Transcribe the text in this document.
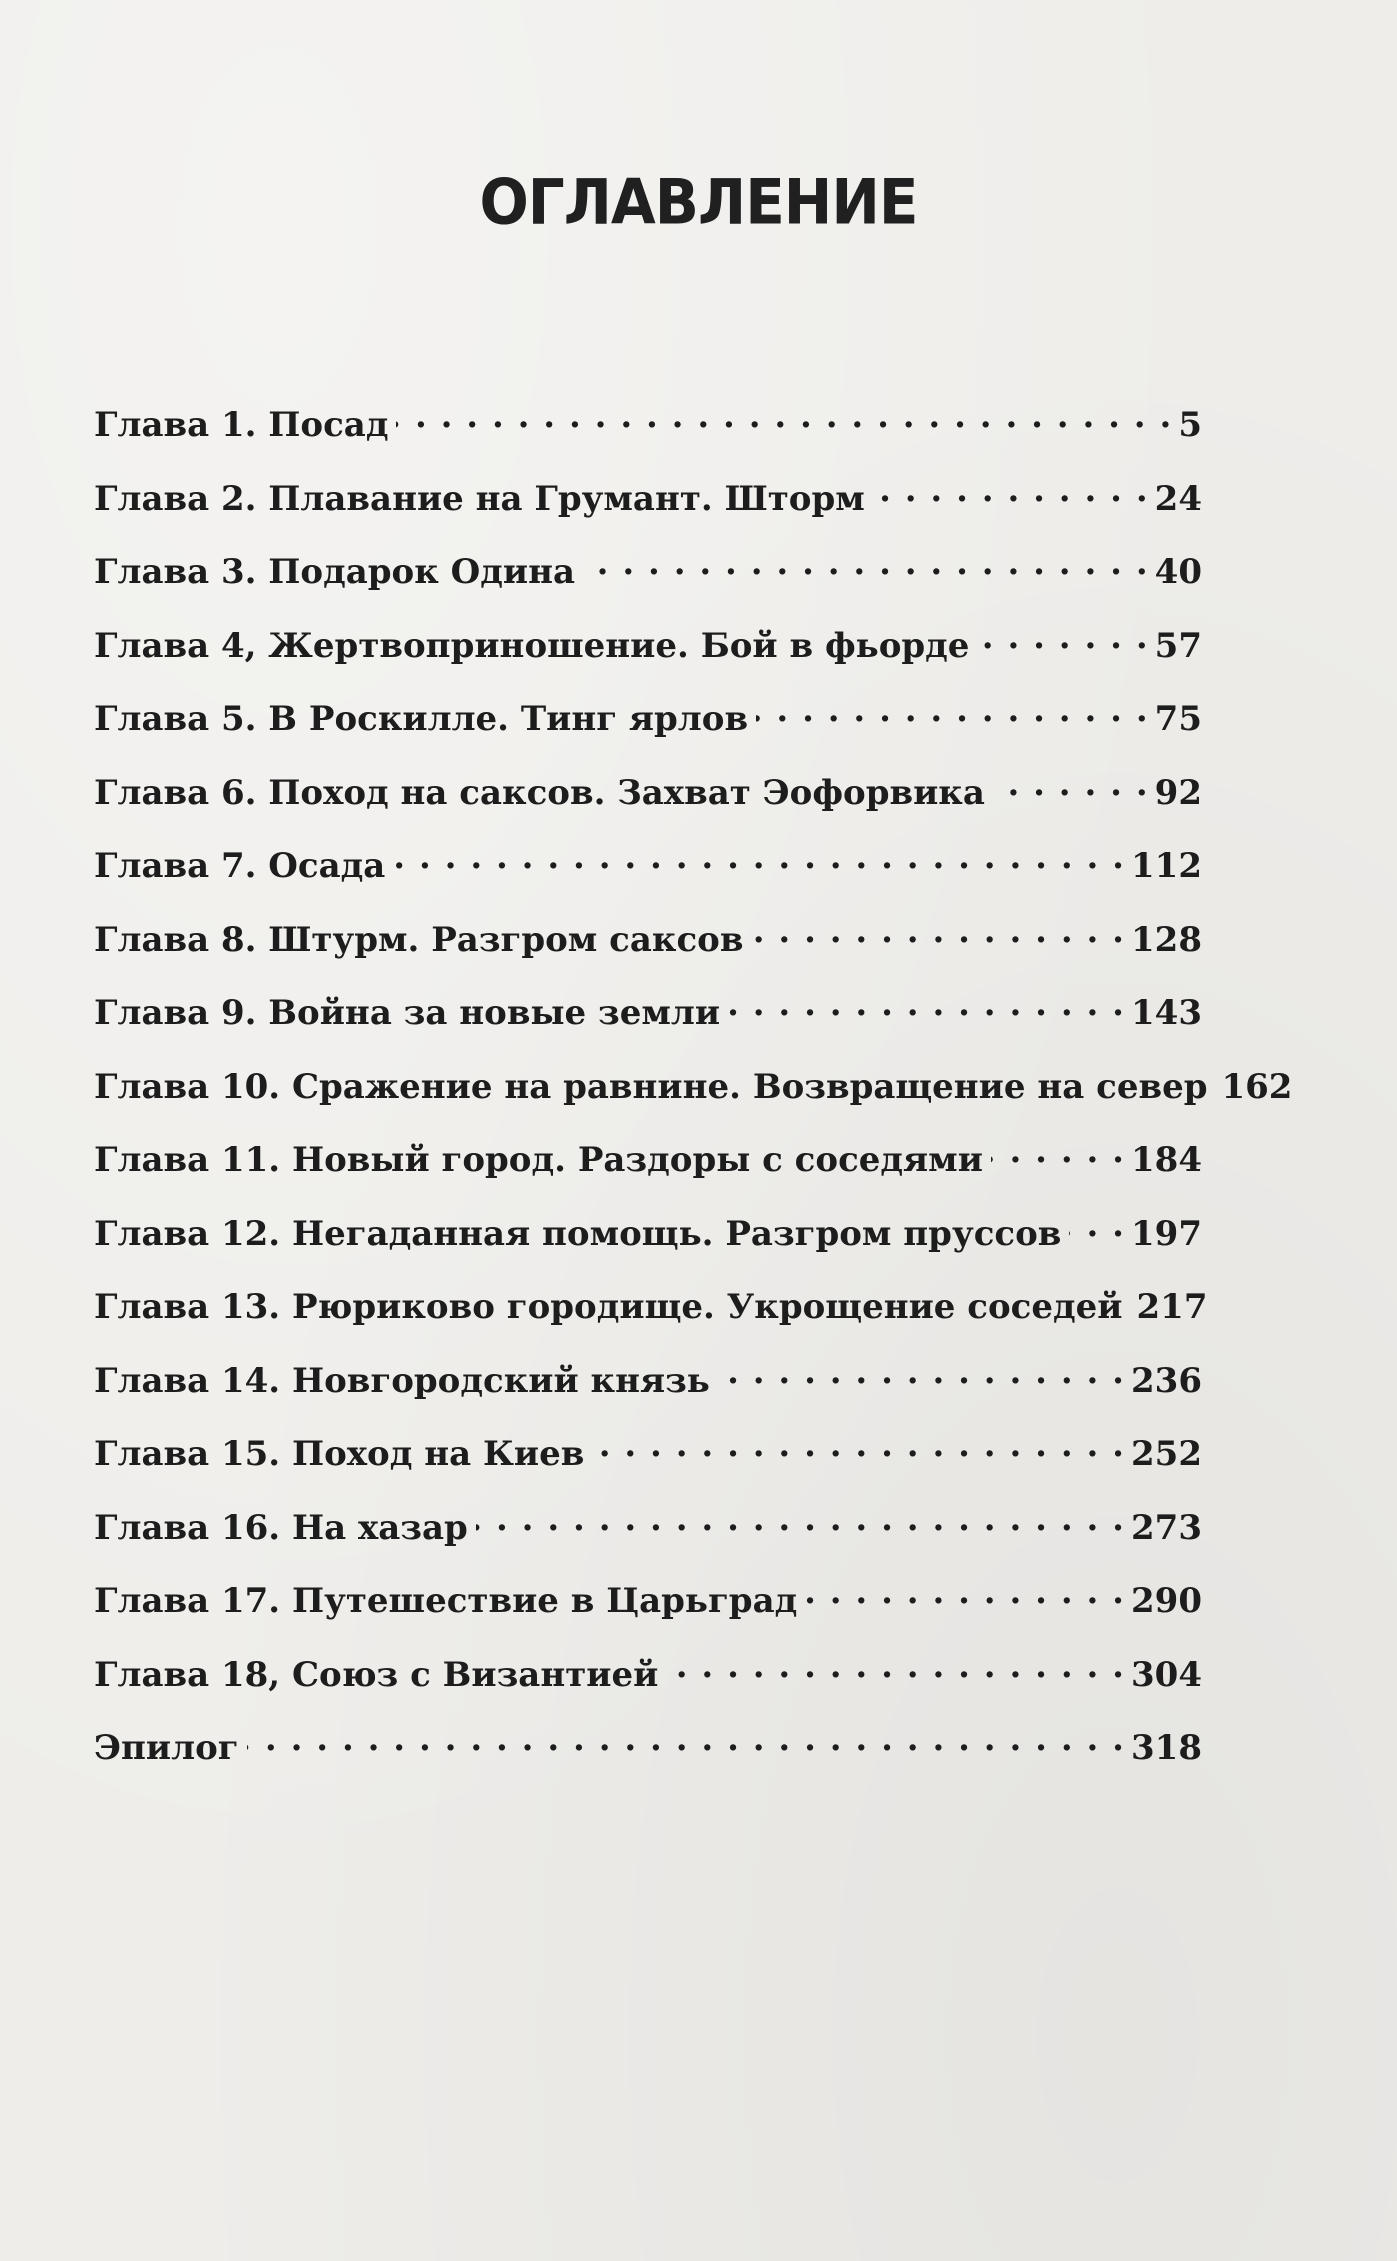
ОГЛАВЛЕНИЕ
Глава 1. Посад . . .	5
Глава 2. Плавание на Грумант. Шторм . . .	24
Глава 3. Подарок Одина . . .	40
Глава 4, Жертвоприношение. Бой в фьорде . . .	57
Глава 5. В Роскилле. Тинг ярлов . . .	75
Глава 6. Поход на саксов. Захват Эофорвика . . .	92
Глава 7. Осада . . .	112
Глава 8. Штурм. Разгром саксов . . .	128
Глава 9. Война за новые земли . . .	143
Глава 10. Сражение на равнине. Возвращение на север 162
Глава 11. Новый город. Раздоры с соседями . . .	184
Глава 12. Негаданная помощь. Разгром пруссов . . . 197
Глава 13. Рюриково городище. Укрощение соседей 217
Глава 14. Новгородский князь . . .	236
Глава 15. Поход на Киев . . .	252
Глава 16. На хазар . . .	273
Глава 17. Путешествие в Царьград . . .	290
Глава 18, Союз с Византией . . .	304
Эпилог . . .	318
